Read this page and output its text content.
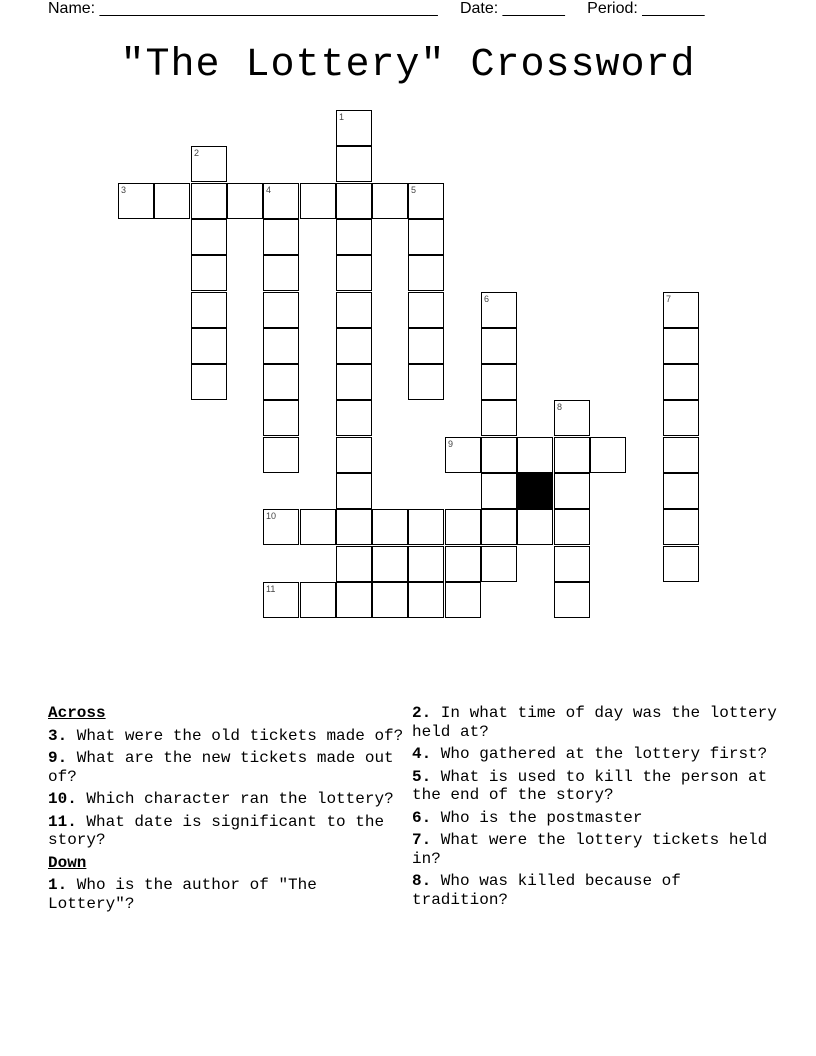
Name: ______________________________________     Date: _______     Period: _______
"The Lottery" Crossword
1
2
3	4	5
6	7
8
9
10
11
Across
3. What were the old tickets made of?
9. What are the new tickets made out of?
10. Which character ran the lottery?
11. What date is significant to the story?
Down
1. Who is the author of "The Lottery"?
2. In what time of day was the lottery held at?
4. Who gathered at the lottery first?
5. What is used to kill the person at the end of the story?
6. Who is the postmaster
7. What were the lottery tickets held in?
8. Who was killed because of tradition?
